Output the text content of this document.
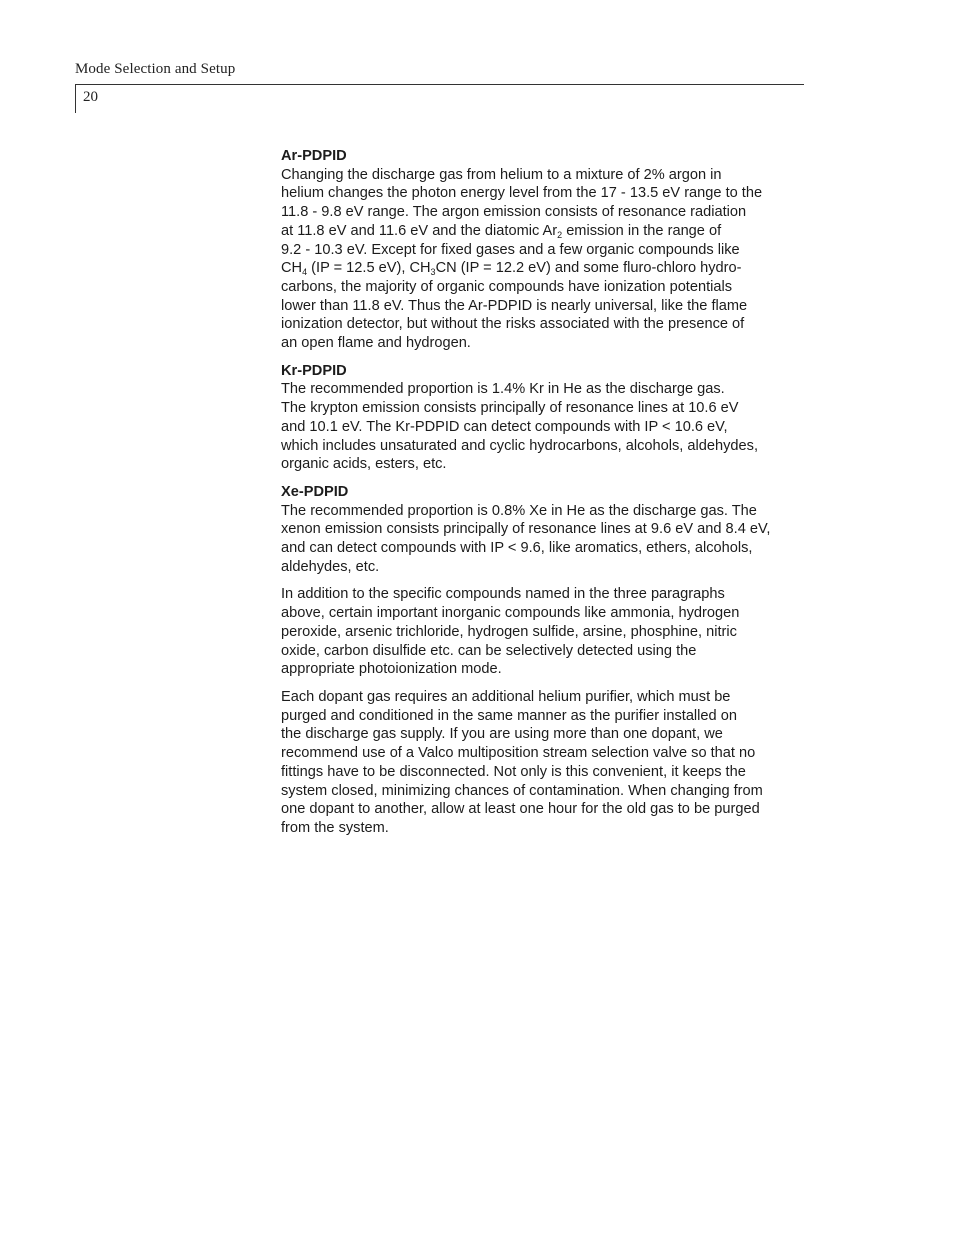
Mode Selection and Setup
20
Ar-PDPID
Changing the discharge gas from helium to a mixture of 2% argon in
helium changes the photon energy level from the 17 - 13.5 eV range to the
11.8 - 9.8 eV range. The argon emission consists of resonance radiation
at 11.8 eV and 11.6 eV and the diatomic $Ar_2$ emission in the range of
9.2 - 10.3 eV. Except for fixed gases and a few organic compounds like
$CH_4$ (IP = 12.5 eV), $CH_3CN$ (IP = 12.2 eV) and some fluro-chloro hydro-
carbons, the majority of organic compounds have ionization potentials
lower than 11.8 eV. Thus the Ar-PDPID is nearly universal, like the flame
ionization detector, but without the risks associated with the presence of
an open flame and hydrogen.
Kr-PDPID
The recommended proportion is 1.4% Kr in He as the discharge gas.
The krypton emission consists principally of resonance lines at 10.6 eV
and 10.1 eV. The Kr-PDPID can detect compounds with IP < 10.6 eV,
which includes unsaturated and cyclic hydrocarbons, alcohols, aldehydes,
organic acids, esters, etc.
Xe-PDPID
The recommended proportion is 0.8% Xe in He as the discharge gas. The
xenon emission consists principally of resonance lines at 9.6 eV and 8.4 eV,
and can detect compounds with IP < 9.6, like aromatics, ethers, alcohols,
aldehydes, etc.
In addition to the specific compounds named in the three paragraphs
above, certain important inorganic compounds like ammonia, hydrogen
peroxide, arsenic trichloride, hydrogen sulfide, arsine, phosphine, nitric
oxide, carbon disulfide etc. can be selectively detected using the
appropriate photoionization mode.
Each dopant gas requires an additional helium purifier, which must be
purged and conditioned in the same manner as the purifier installed on
the discharge gas supply. If you are using more than one dopant, we
recommend use of a Valco multiposition stream selection valve so that no
fittings have to be disconnected. Not only is this convenient, it keeps the
system closed, minimizing chances of contamination. When changing from
one dopant to another, allow at least one hour for the old gas to be purged
from the system.
